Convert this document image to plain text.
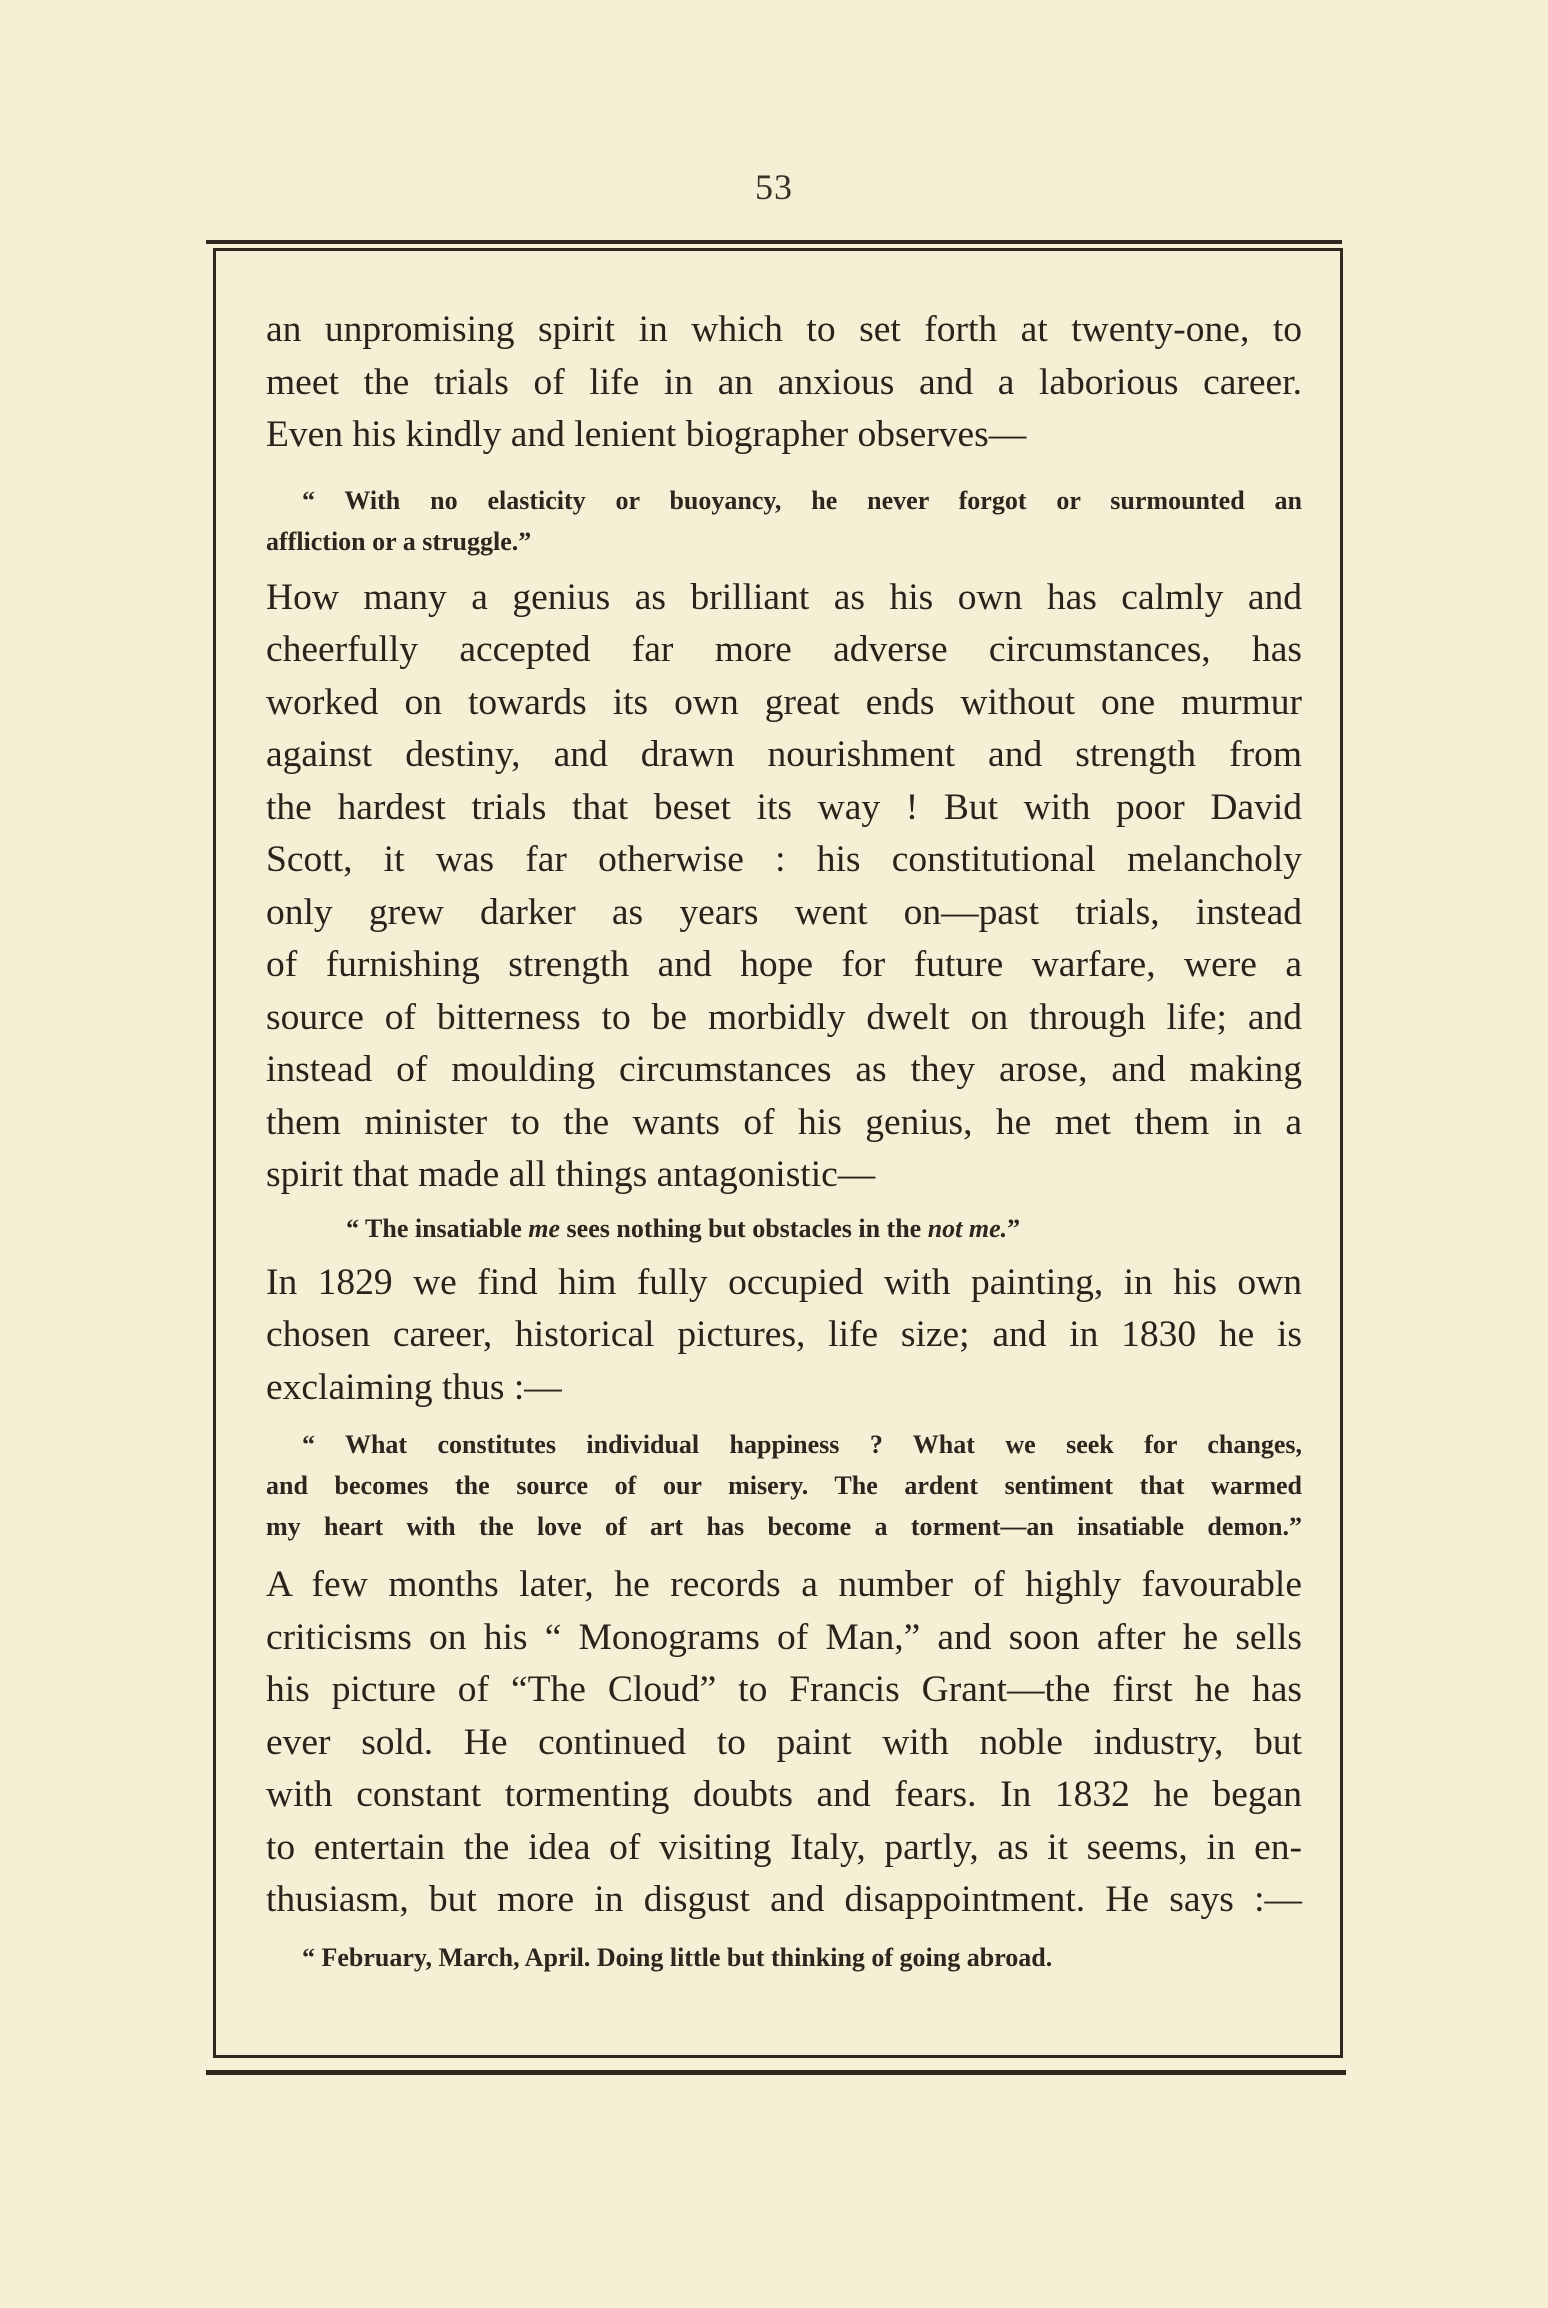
53

an unpromising spirit in which to set forth at twenty-one, to
meet the trials of life in an anxious and a laborious career.
Even his kindly and lenient biographer observes—

“ With no elasticity or buoyancy, he never forgot or surmounted an
affliction or a struggle.”

How many a genius as brilliant as his own has calmly and
cheerfully accepted far more adverse circumstances, has
worked on towards its own great ends without one murmur
against destiny, and drawn nourishment and strength from
the hardest trials that beset its way ! But with poor David
Scott, it was far otherwise : his constitutional melancholy
only grew darker as years went on—past trials, instead
of furnishing strength and hope for future warfare, were a
source of bitterness to be morbidly dwelt on through life; and
instead of moulding circumstances as they arose, and making
them minister to the wants of his genius, he met them in a
spirit that made all things antagonistic—

“ The insatiable me sees nothing but obstacles in the not me.”

In 1829 we find him fully occupied with painting, in his own
chosen career, historical pictures, life size; and in 1830 he is
exclaiming thus :—

“ What constitutes individual happiness ? What we seek for changes,
and becomes the source of our misery. The ardent sentiment that warmed
my heart with the love of art has become a torment—an insatiable demon.”

A few months later, he records a number of highly favourable
criticisms on his “ Monograms of Man,” and soon after he sells
his picture of “The Cloud” to Francis Grant—the first he has
ever sold. He continued to paint with noble industry, but
with constant tormenting doubts and fears. In 1832 he began
to entertain the idea of visiting Italy, partly, as it seems, in en-
thusiasm, but more in disgust and disappointment. He says :—

“ February, March, April. Doing little but thinking of going abroad.
